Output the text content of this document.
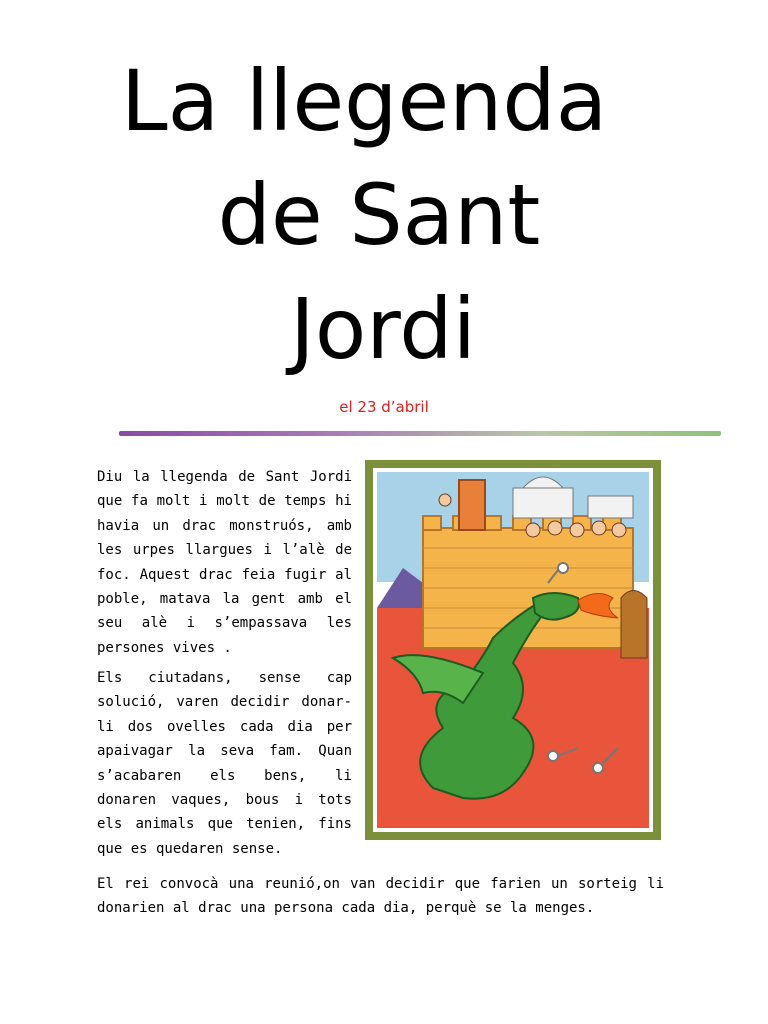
La llegenda
de Sant
Jordi
el 23 d’abril

Diu la llegenda de Sant Jordi que fa molt i molt de temps hi havia un drac monstruós, amb les urpes llargues i l’alè de foc. Aquest drac feia fugir al poble, matava la gent amb el seu alè i s’empassava les persones vives .

Els ciutadans, sense cap solució, varen decidir donar-li dos ovelles cada dia per apaivagar la seva fam. Quan s’acabaren els bens, li donaren vaques, bous i tots els animals que tenien, fins que es quedaren sense.

El rei convocà una reunió,on van decidir que farien un sorteig li donarien al drac una persona cada dia, perquè se la menges.
